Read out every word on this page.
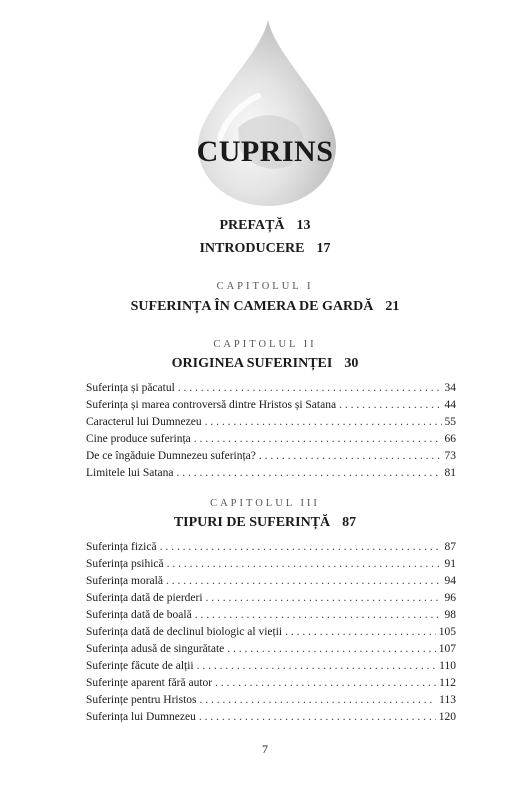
CUPRINS
PREFAȚĂ 13
INTRODUCERE 17
CAPITOLUL I
SUFERINȚA ÎN CAMERA DE GARDĂ 21
CAPITOLUL II
ORIGINEA SUFERINȚEI 30
Suferința și păcatul . . .	34
Suferința și marea controversă dintre Hristos și Satana . . .	44
Caracterul lui Dumnezeu . . .	55
Cine produce suferința . . .	66
De ce îngăduie Dumnezeu suferința? . . .	73
Limitele lui Satana . . .	81
CAPITOLUL III
TIPURI DE SUFERINȚĂ 87
Suferința fizică . . .	87
Suferința psihică . . .	91
Suferința morală . . .	94
Suferința dată de pierderi . . .	96
Suferința dată de boală . . .	98
Suferința dată de declinul biologic al vieții . . .	105
Suferința adusă de singurătate . . .	107
Suferințe făcute de alții . . .	110
Suferințe aparent fără autor . . .	112
Suferințe pentru Hristos . . .	113
Suferința lui Dumnezeu . . .	120
7
